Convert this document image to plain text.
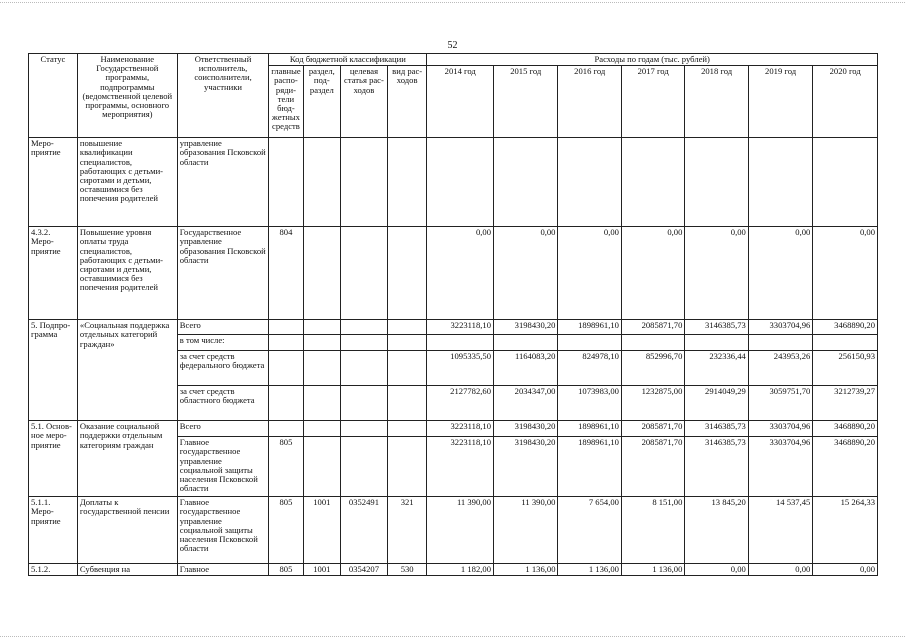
52
Статус	Наименование Государственной программы, подпрограммы (ведомственной целевой программы, основного мероприятия)	Ответственный исполнитель, соисполнители, участники	Код бюджетной классификации				Расходы по годам (тыс. рублей)						
			главные распо-ряди-тели бюд-жетных средств	раздел, под-раздел	целевая статья рас-ходов	вид рас-ходов	2014 год	2015 год	2016 год	2017 год	2018 год	2019 год	2020 год
Меро-приятие	повышение квалификации специалистов, работающих с детьми-сиротами и детьми, оставшимися без попечения родителей	управление образования Псковской области											
4.3.2. Меро-приятие	Повышение уровня оплаты труда специалистов, работающих с детьми-сиротами и детьми, оставшимися без попечения родителей	Государственное управление образования Псковской области	804				0,00	0,00	0,00	0,00	0,00	0,00	0,00
5. Подпро-грамма	«Социальная поддержка отдельных категорий граждан»	Всего					3223118,10	3198430,20	1898961,10	2085871,70	3146385,73	3303704,96	3468890,20
		в том числе:											
		за счет средств федерального бюджета					1095335,50	1164083,20	824978,10	852996,70	232336,44	243953,26	256150,93
		за счет средств областного бюджета					2127782,60	2034347,00	1073983,00	1232875,00	2914049,29	3059751,70	3212739,27
5.1. Основ-ное меро-приятие	Оказание социальной поддержки отдельным категориям граждан	Всего					3223118,10	3198430,20	1898961,10	2085871,70	3146385,73	3303704,96	3468890,20
		Главное государственное управление социальной защиты населения Псковской области	805				3223118,10	3198430,20	1898961,10	2085871,70	3146385,73	3303704,96	3468890,20
5.1.1. Меро-приятие	Доплаты к государственной пенсии	Главное государственное управление социальной защиты населения Псковской области	805	1001	0352491	321	11 390,00	11 390,00	7 654,00	8 151,00	13 845,20	14 537,45	15 264,33
5.1.2.	Субвенция на	Главное	805	1001	0354207	530	1 182,00	1 136,00	1 136,00	1 136,00	0,00	0,00	0,00
